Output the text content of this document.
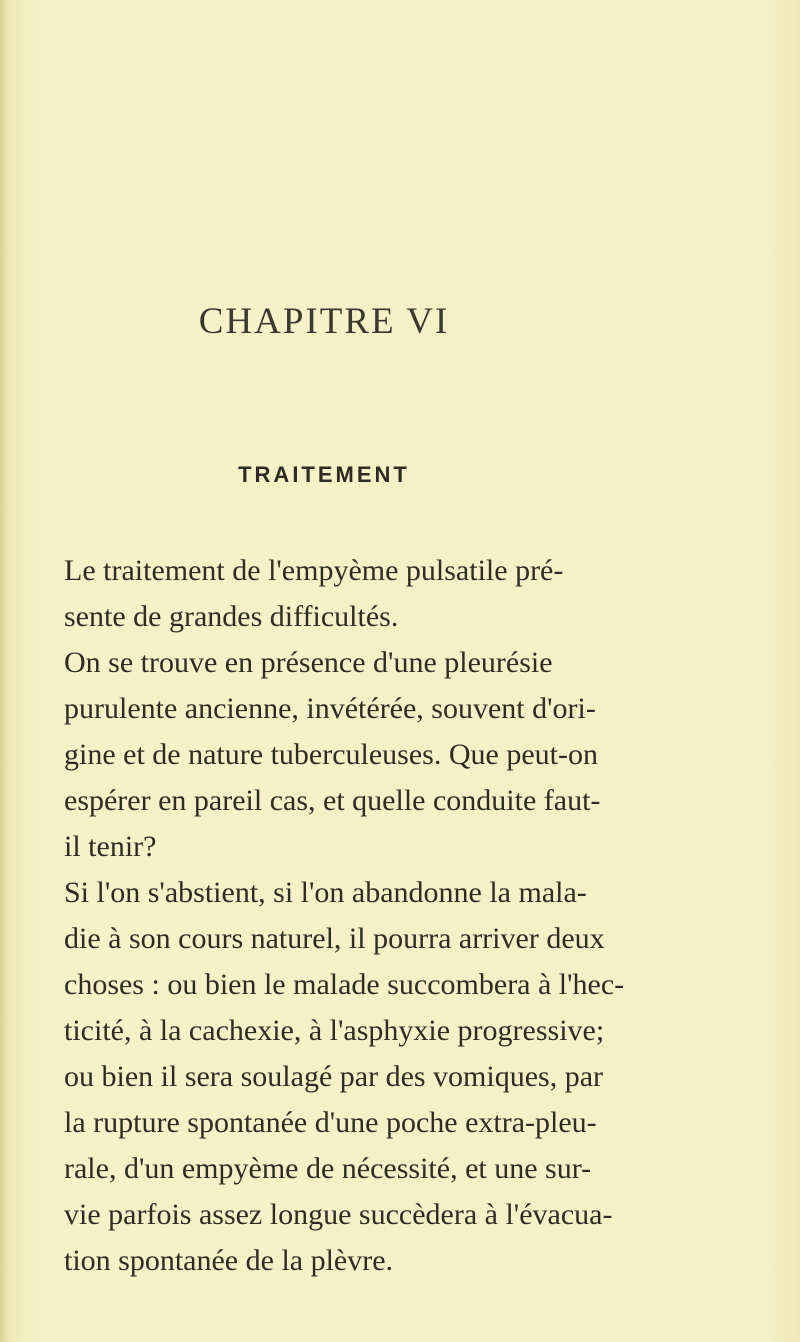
CHAPITRE VI
TRAITEMENT

Le traitement de l'empyème pulsatile pré-
sente de grandes difficultés.

On se trouve en présence d'une pleurésie
purulente ancienne, invétérée, souvent d'ori-
gine et de nature tuberculeuses. Que peut-on
espérer en pareil cas, et quelle conduite faut-
il tenir?

Si l'on s'abstient, si l'on abandonne la mala-
die à son cours naturel, il pourra arriver deux
choses : ou bien le malade succombera à l'hec-
ticité, à la cachexie, à l'asphyxie progressive;
ou bien il sera soulagé par des vomiques, par
la rupture spontanée d'une poche extra-pleu-
rale, d'un empyème de nécessité, et une sur-
vie parfois assez longue succèdera à l'évacua-
tion spontanée de la plèvre.
